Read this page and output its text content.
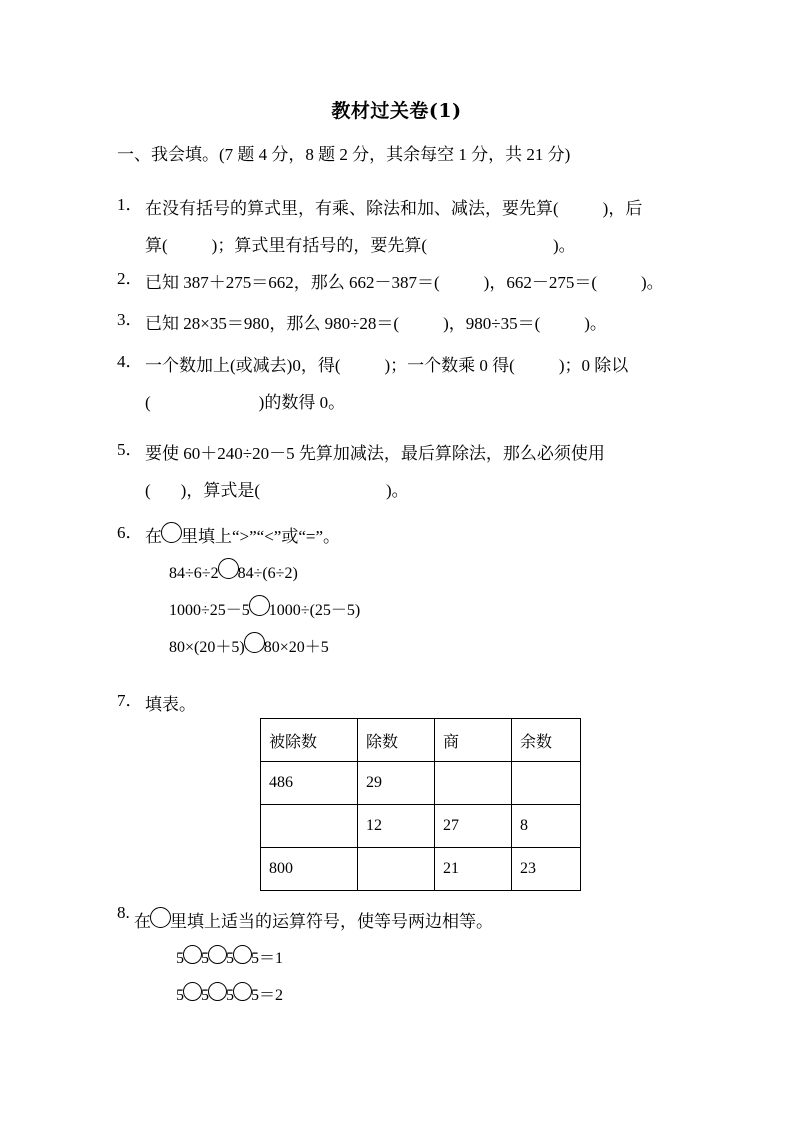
教材过关卷(1)
一、我会填。(7 题 4 分，8 题 2 分，其余每空 1 分，共 21 分)
1． 在没有括号的算式里，有乘、除法和加、减法，要先算(	)，后
算(	)；算式里有括号的，要先算(	)。
2． 已知 387＋275＝662，那么 662－387＝(	)，662－275＝(	)。
3． 已知 28×35＝980，那么 980÷28＝(	)，980÷35＝(	)。
4． 一个数加上(或减去)0，得(	)；一个数乘 0 得(	)；0 除以
(	)的数得 0。
5． 要使 60＋240÷20－5 先算加减法，最后算除法，那么必须使用
( )，算式是(	)。
6． 在 里填上“>”“<”或“=”。
84÷6÷2 84÷(6÷2)
1000÷25－5 1000÷(25－5)
80×(20＋5) 80×20＋5
7． 填表。
被除数	除数	商	余数
486	29		
	12	27	8
800		21	23
8. 在 里填上适当的运算符号，使等号两边相等。
5 5 5 5＝1
5 5 5 5＝2
